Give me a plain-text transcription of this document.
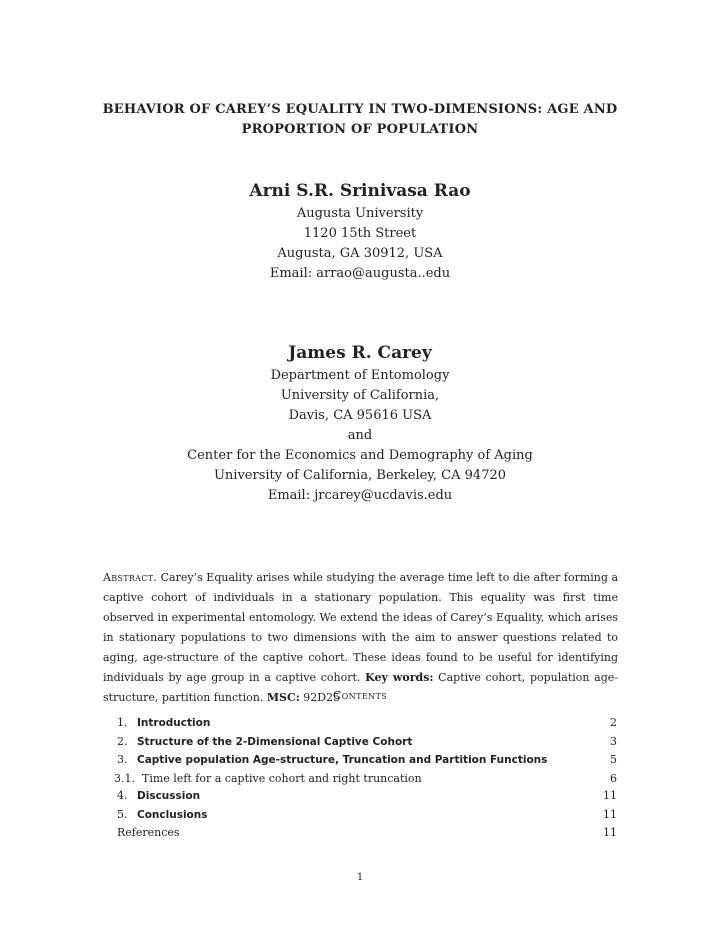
BEHAVIOR OF CAREY’S EQUALITY IN TWO-DIMENSIONS: AGE AND
PROPORTION OF POPULATION
Arni S.R. Srinivasa Rao
Augusta University
1120 15th Street
Augusta, GA 30912, USA
Email: arrao@augusta..edu
James R. Carey
Department of Entomology
University of California,
Davis, CA 95616 USA
and
Center for the Economics and Demography of Aging
University of California, Berkeley, CA 94720
Email: jrcarey@ucdavis.edu
Abstract. Carey’s Equality arises while studying the average time left to die after forming a captive cohort of individuals in a stationary population. This equality was first time observed in experimental entomology. We extend the ideas of Carey’s Equality, which arises in stationary populations to two dimensions with the aim to answer questions related to aging, age-structure of the captive cohort. These ideas found to be useful for identifying individuals by age group in a captive cohort. Key words: Captive cohort, population age-structure, partition function. MSC: 92D25
Contents
1. Introduction	2
2. Structure of the 2-Dimensional Captive Cohort	3
3. Captive population Age-structure, Truncation and Partition Functions	5
3.1. Time left for a captive cohort and right truncation	6
4. Discussion	11
5. Conclusions	11
References	11
1
